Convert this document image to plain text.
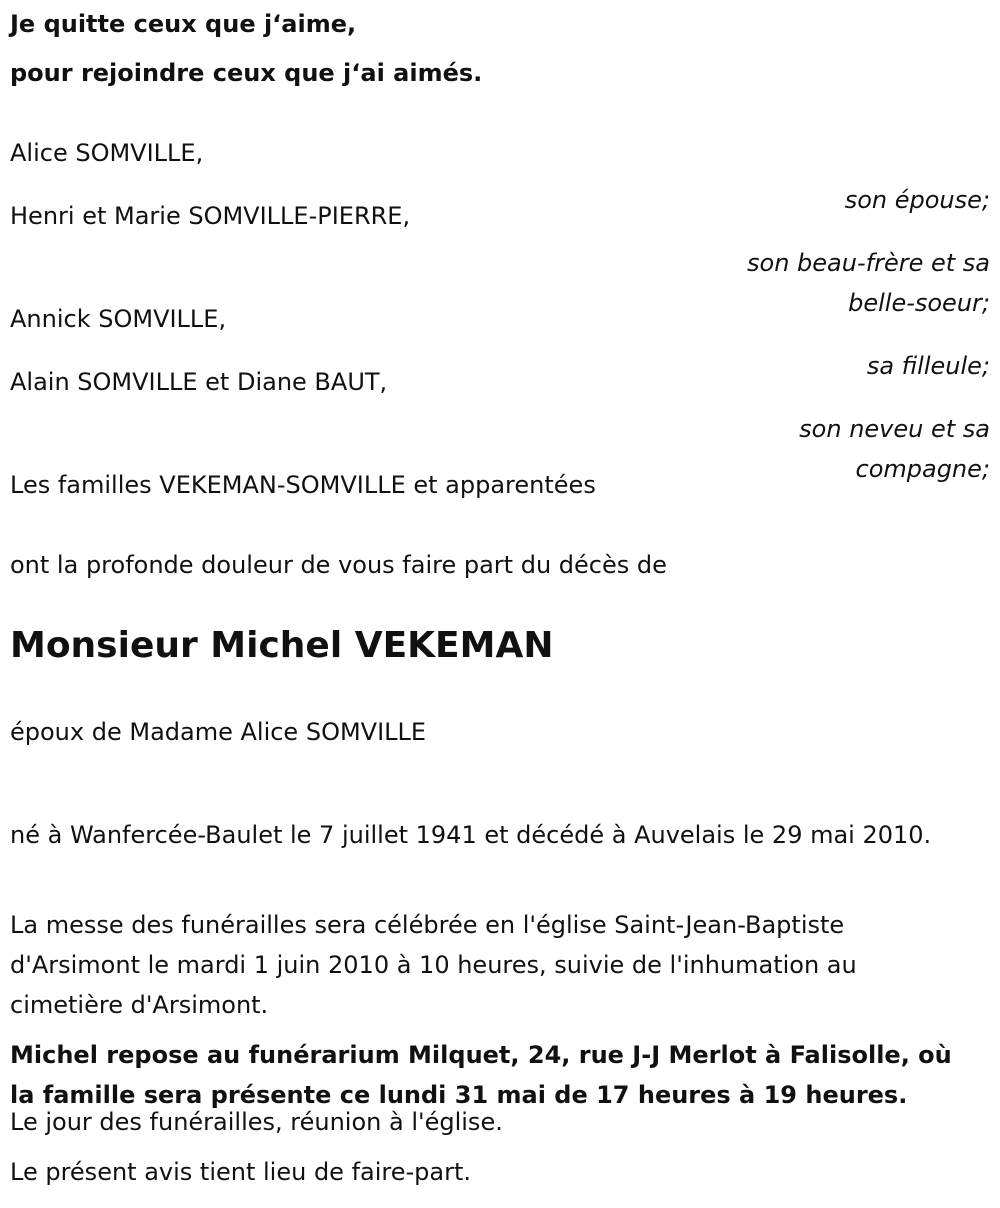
Je quitte ceux que j‘aime,

pour rejoindre ceux que j‘ai aimés.

Alice SOMVILLE,

son épouse;

Henri et Marie SOMVILLE-PIERRE,

son beau-frère et sa

belle-soeur;

Annick SOMVILLE,

sa filleule;

Alain SOMVILLE et Diane BAUT,

son neveu et sa

compagne;

Les familles VEKEMAN-SOMVILLE et apparentées

ont la profonde douleur de vous faire part du décès de

Monsieur Michel VEKEMAN

époux de Madame Alice SOMVILLE

né à Wanfercée-Baulet le 7 juillet 1941 et décédé à Auvelais le 29 mai 2010.

La messe des funérailles sera célébrée en l'église Saint-Jean-Baptiste d'Arsimont le mardi 1 juin 2010 à 10 heures, suivie de l'inhumation au cimetière d'Arsimont.

Michel repose au funérarium Milquet, 24, rue J-J Merlot à Falisolle, où la famille sera présente ce lundi 31 mai de 17 heures à 19 heures.

Le jour des funérailles, réunion à l'église.

Le présent avis tient lieu de faire-part.
